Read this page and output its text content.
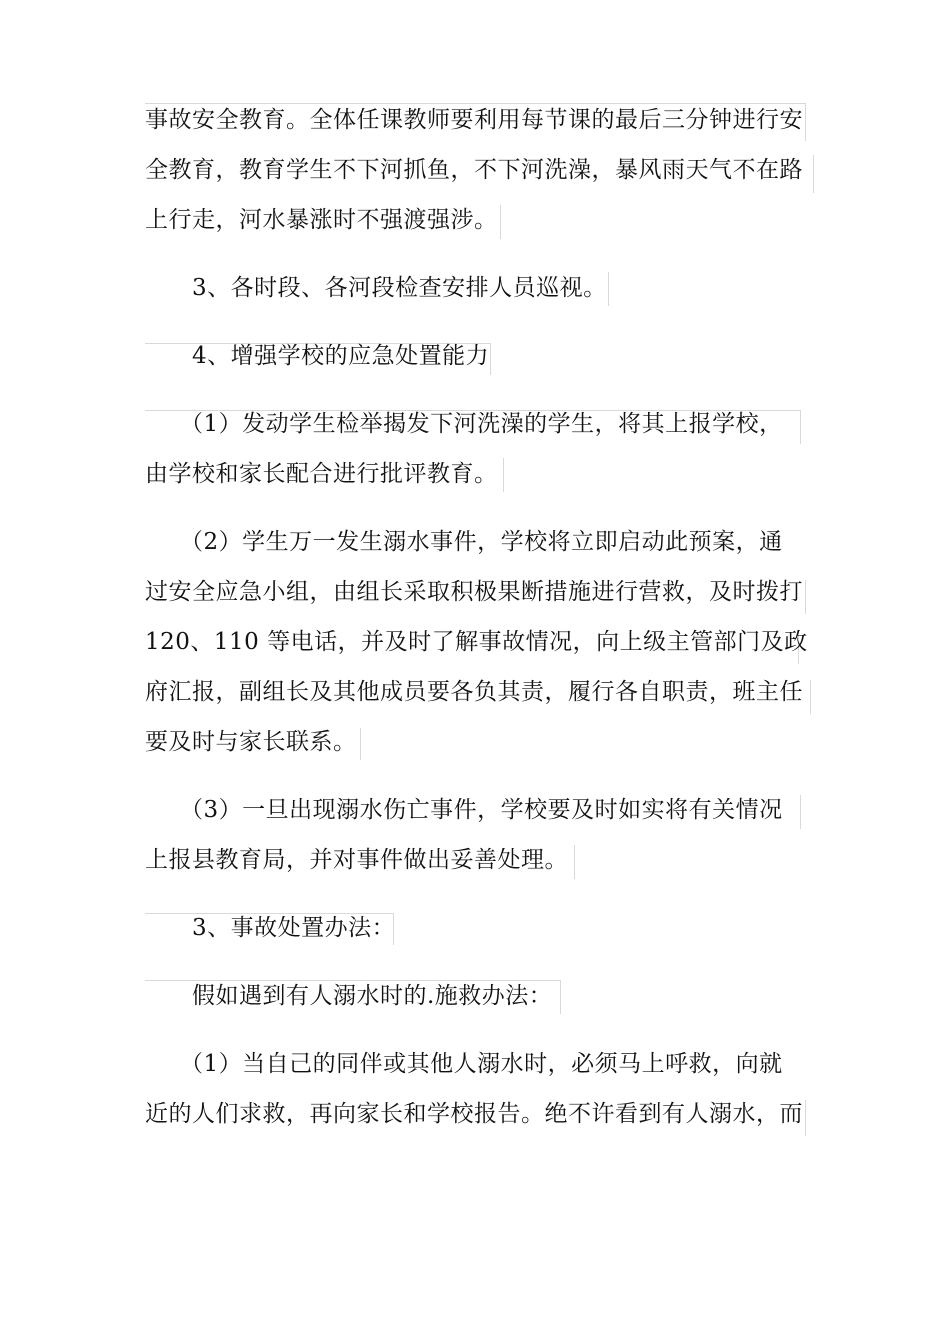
事故安全教育。全体任课教师要利用每节课的最后三分钟进行安
全教育，教育学生不下河抓鱼，不下河洗澡，暴风雨天气不在路
上行走，河水暴涨时不强渡强涉。
3、各时段、各河段检查安排人员巡视。
4、增强学校的应急处置能力
（1）发动学生检举揭发下河洗澡的学生，将其上报学校，
由学校和家长配合进行批评教育。
（2）学生万一发生溺水事件，学校将立即启动此预案，通
过安全应急小组，由组长采取积极果断措施进行营救，及时拨打
120、110 等电话，并及时了解事故情况，向上级主管部门及政
府汇报，副组长及其他成员要各负其责，履行各自职责，班主任
要及时与家长联系。
（3）一旦出现溺水伤亡事件，学校要及时如实将有关情况
上报县教育局，并对事件做出妥善处理。
3、事故处置办法：
假如遇到有人溺水时的.施救办法：
（1）当自己的同伴或其他人溺水时，必须马上呼救，向就
近的人们求救，再向家长和学校报告。绝不许看到有人溺水，而
